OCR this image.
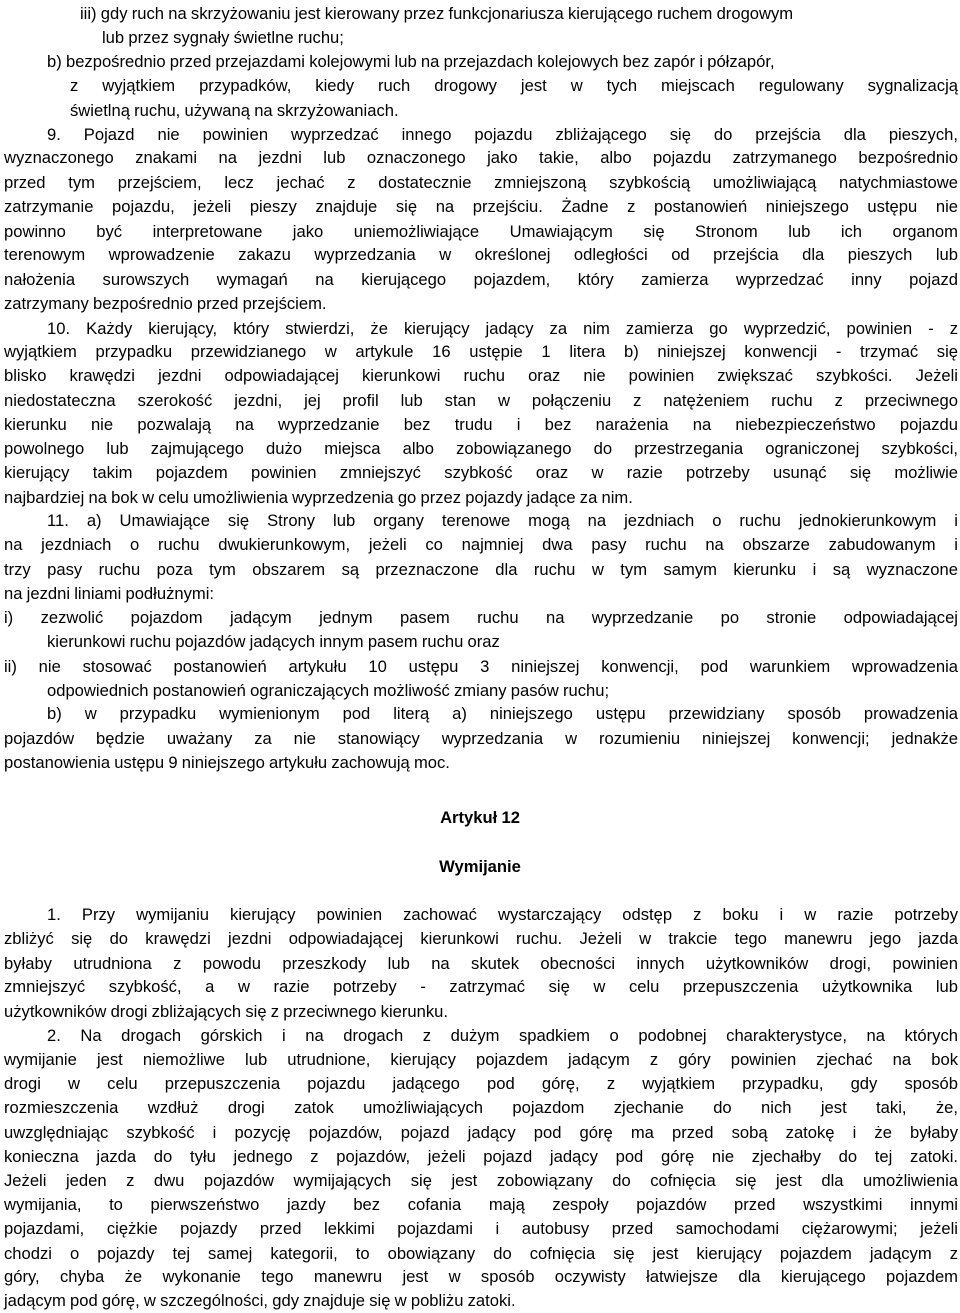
iii) gdy ruch na skrzyżowaniu jest kierowany przez funkcjonariusza kierującego ruchem drogowym
lub przez sygnały świetlne ruchu;
b) bezpośrednio przed przejazdami kolejowymi lub na przejazdach kolejowych bez zapór i półzapór,
z wyjątkiem przypadków, kiedy ruch drogowy jest w tych miejscach regulowany sygnalizacją
świetlną ruchu, używaną na skrzyżowaniach.
9. Pojazd nie powinien wyprzedzać innego pojazdu zbliżającego się do przejścia dla pieszych,
wyznaczonego znakami na jezdni lub oznaczonego jako takie, albo pojazdu zatrzymanego bezpośrednio
przed tym przejściem, lecz jechać z dostatecznie zmniejszoną szybkością umożliwiającą natychmiastowe
zatrzymanie pojazdu, jeżeli pieszy znajduje się na przejściu. Żadne z postanowień niniejszego ustępu nie
powinno być interpretowane jako uniemożliwiające Umawiającym się Stronom lub ich organom
terenowym wprowadzenie zakazu wyprzedzania w określonej odległości od przejścia dla pieszych lub
nałożenia surowszych wymagań na kierującego pojazdem, który zamierza wyprzedzać inny pojazd
zatrzymany bezpośrednio przed przejściem.
10. Każdy kierujący, który stwierdzi, że kierujący jadący za nim zamierza go wyprzedzić, powinien - z
wyjątkiem przypadku przewidzianego w artykule 16 ustępie 1 litera b) niniejszej konwencji - trzymać się
blisko krawędzi jezdni odpowiadającej kierunkowi ruchu oraz nie powinien zwiększać szybkości. Jeżeli
niedostateczna szerokość jezdni, jej profil lub stan w połączeniu z natężeniem ruchu z przeciwnego
kierunku nie pozwalają na wyprzedzanie bez trudu i bez narażenia na niebezpieczeństwo pojazdu
powolnego lub zajmującego dużo miejsca albo zobowiązanego do przestrzegania ograniczonej szybkości,
kierujący takim pojazdem powinien zmniejszyć szybkość oraz w razie potrzeby usunąć się możliwie
najbardziej na bok w celu umożliwienia wyprzedzenia go przez pojazdy jadące za nim.
11. a) Umawiające się Strony lub organy terenowe mogą na jezdniach o ruchu jednokierunkowym i
na jezdniach o ruchu dwukierunkowym, jeżeli co najmniej dwa pasy ruchu na obszarze zabudowanym i
trzy pasy ruchu poza tym obszarem są przeznaczone dla ruchu w tym samym kierunku i są wyznaczone
na jezdni liniami podłużnymi:
i) zezwolić pojazdom jadącym jednym pasem ruchu na wyprzedzanie po stronie odpowiadającej
kierunkowi ruchu pojazdów jadących innym pasem ruchu oraz
ii) nie stosować postanowień artykułu 10 ustępu 3 niniejszej konwencji, pod warunkiem wprowadzenia
odpowiednich postanowień ograniczających możliwość zmiany pasów ruchu;
b) w przypadku wymienionym pod literą a) niniejszego ustępu przewidziany sposób prowadzenia
pojazdów będzie uważany za nie stanowiący wyprzedzania w rozumieniu niniejszej konwencji; jednakże
postanowienia ustępu 9 niniejszego artykułu zachowują moc.
Artykuł 12
Wymijanie
1. Przy wymijaniu kierujący powinien zachować wystarczający odstęp z boku i w razie potrzeby
zbliżyć się do krawędzi jezdni odpowiadającej kierunkowi ruchu. Jeżeli w trakcie tego manewru jego jazda
byłaby utrudniona z powodu przeszkody lub na skutek obecności innych użytkowników drogi, powinien
zmniejszyć szybkość, a w razie potrzeby - zatrzymać się w celu przepuszczenia użytkownika lub
użytkowników drogi zbliżających się z przeciwnego kierunku.
2. Na drogach górskich i na drogach z dużym spadkiem o podobnej charakterystyce, na których
wymijanie jest niemożliwe lub utrudnione, kierujący pojazdem jadącym z góry powinien zjechać na bok
drogi w celu przepuszczenia pojazdu jadącego pod górę, z wyjątkiem przypadku, gdy sposób
rozmieszczenia wzdłuż drogi zatok umożliwiających pojazdom zjechanie do nich jest taki, że,
uwzględniając szybkość i pozycję pojazdów, pojazd jadący pod górę ma przed sobą zatokę i że byłaby
konieczna jazda do tyłu jednego z pojazdów, jeżeli pojazd jadący pod górę nie zjechałby do tej zatoki.
Jeżeli jeden z dwu pojazdów wymijających się jest zobowiązany do cofnięcia się jest dla umożliwienia
wymijania, to pierwszeństwo jazdy bez cofania mają zespoły pojazdów przed wszystkimi innymi
pojazdami, ciężkie pojazdy przed lekkimi pojazdami i autobusy przed samochodami ciężarowymi; jeżeli
chodzi o pojazdy tej samej kategorii, to obowiązany do cofnięcia się jest kierujący pojazdem jadącym z
góry, chyba że wykonanie tego manewru jest w sposób oczywisty łatwiejsze dla kierującego pojazdem
jadącym pod górę, w szczególności, gdy znajduje się w pobliżu zatoki.
